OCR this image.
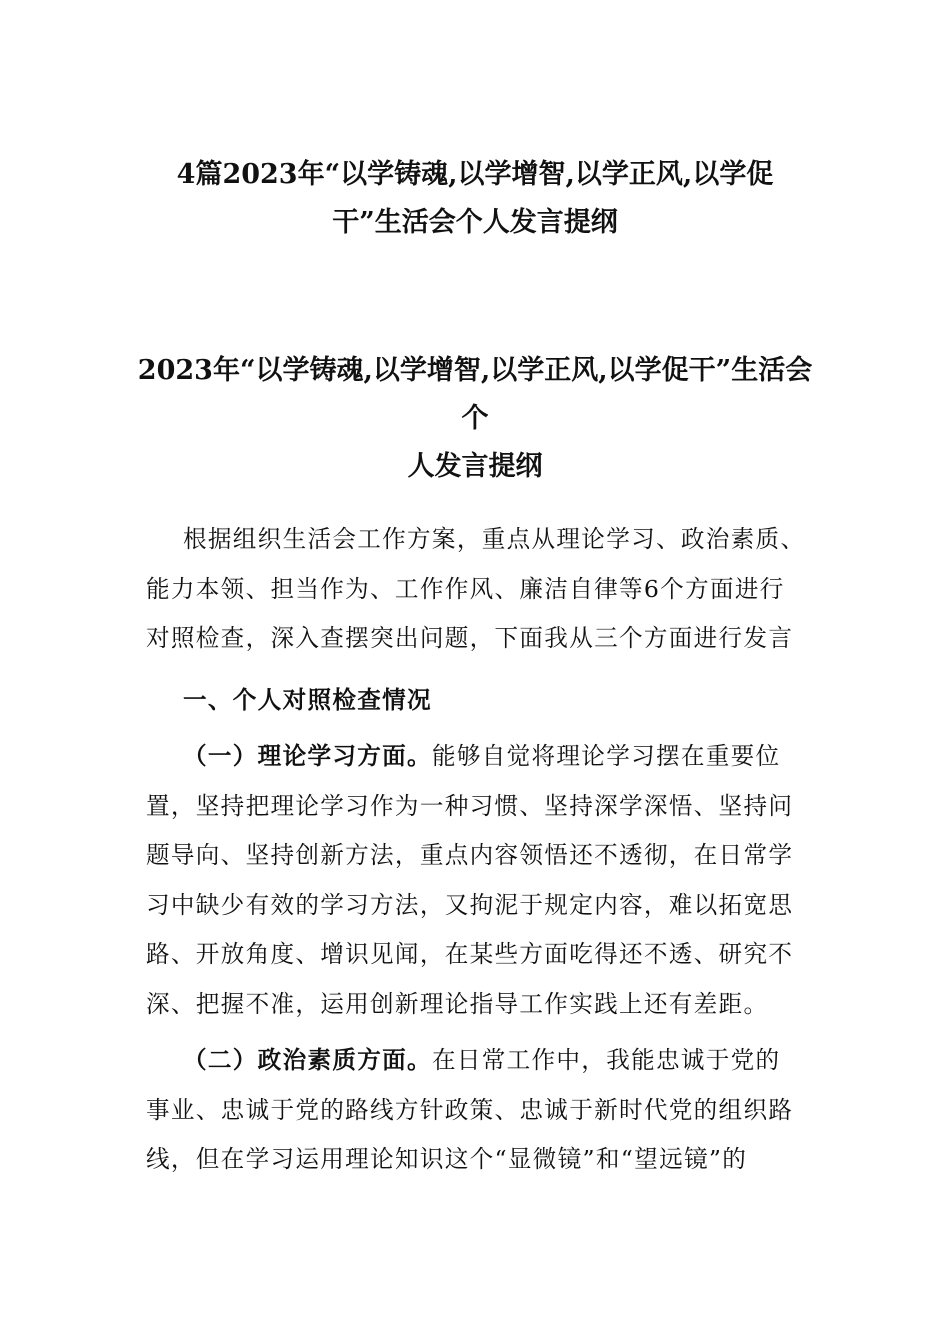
4篇2023年“以学铸魂,以学增智,以学正风,以学促
干”生活会个人发言提纲
2023年“以学铸魂,以学增智,以学正风,以学促干”生活会个
人发言提纲

根据组织生活会工作方案，重点从理论学习、政治素质、
能力本领、担当作为、工作作风、廉洁自律等6个方面进行
对照检查，深入查摆突出问题，下面我从三个方面进行发言

一、个人对照检查情况

（一）理论学习方面。能够自觉将理论学习摆在重要位
置，坚持把理论学习作为一种习惯、坚持深学深悟、坚持问
题导向、坚持创新方法，重点内容领悟还不透彻，在日常学
习中缺少有效的学习方法，又拘泥于规定内容，难以拓宽思
路、开放角度、增识见闻，在某些方面吃得还不透、研究不
深、把握不准，运用创新理论指导工作实践上还有差距。

（二）政治素质方面。在日常工作中，我能忠诚于党的
事业、忠诚于党的路线方针政策、忠诚于新时代党的组织路
线，但在学习运用理论知识这个“显微镜”和“望远镜”的
